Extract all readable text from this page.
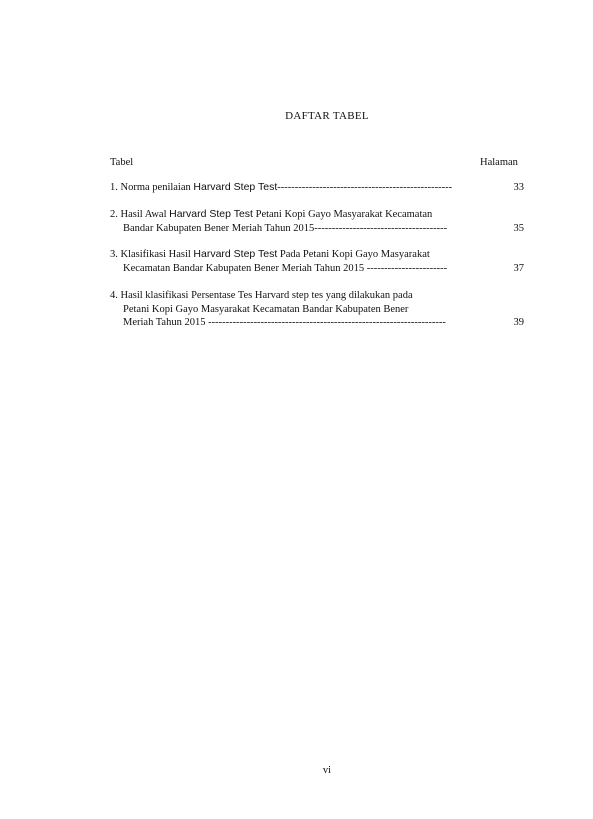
DAFTAR TABEL
Tabel	Halaman
1. Norma penilaian Harvard Step Test--------------------------------------------------	33
2. Hasil Awal Harvard Step Test Petani Kopi Gayo Masyarakat Kecamatan
Bandar Kabupaten Bener Meriah Tahun 2015--------------------------------------	35
3. Klasifikasi Hasil Harvard Step Test Pada Petani Kopi Gayo Masyarakat
Kecamatan Bandar Kabupaten Bener Meriah Tahun 2015 -----------------------	37
4. Hasil klasifikasi Persentase Tes Harvard step tes yang dilakukan pada
Petani Kopi Gayo Masyarakat Kecamatan Bandar Kabupaten Bener
Meriah Tahun 2015 --------------------------------------------------------------------	39
vi
